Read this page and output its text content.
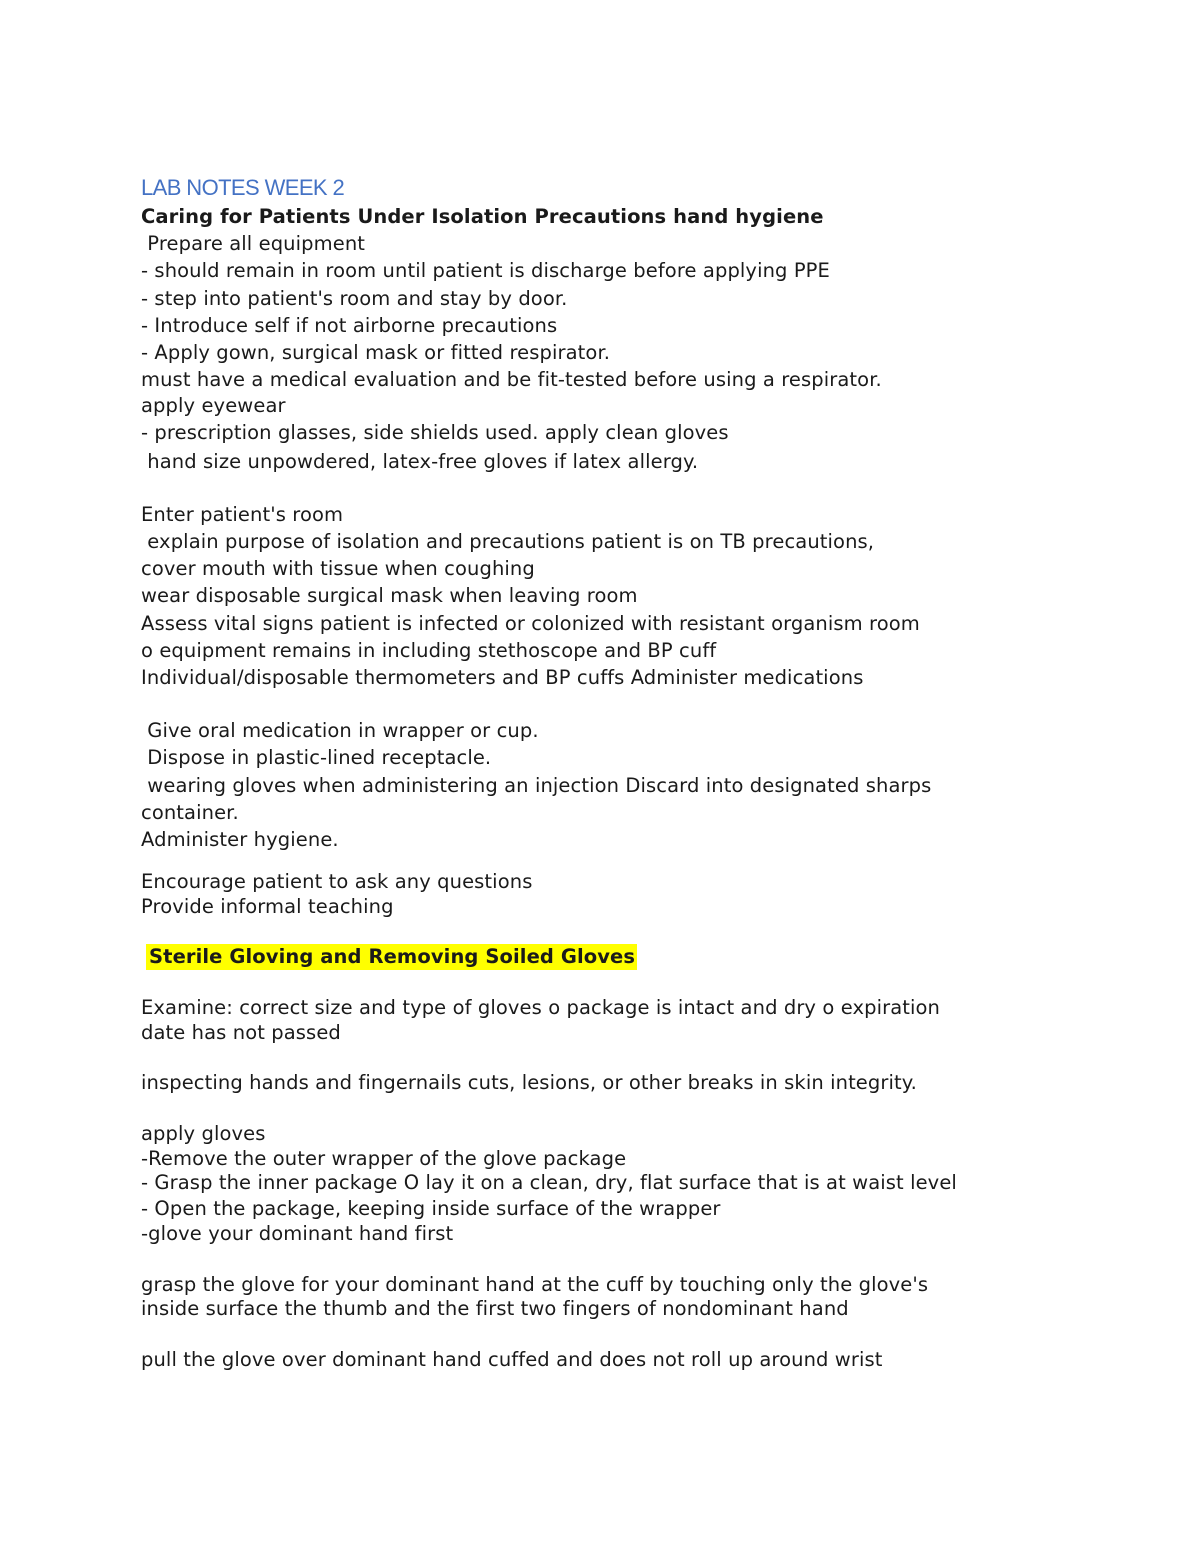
LAB NOTES WEEK 2
Caring for Patients Under Isolation Precautions hand hygiene
Prepare all equipment
- should remain in room until patient is discharge before applying PPE
- step into patient's room and stay by door.
- Introduce self if not airborne precautions
- Apply gown, surgical mask or fitted respirator.
must have a medical evaluation and be fit-tested before using a respirator.
apply eyewear
- prescription glasses, side shields used. apply clean gloves
hand size unpowdered, latex-free gloves if latex allergy.
Enter patient's room
explain purpose of isolation and precautions patient is on TB precautions,
cover mouth with tissue when coughing
wear disposable surgical mask when leaving room
Assess vital signs patient is infected or colonized with resistant organism room
o equipment remains in including stethoscope and BP cuff
Individual/disposable thermometers and BP cuffs Administer medications
Give oral medication in wrapper or cup.
Dispose in plastic-lined receptacle.
wearing gloves when administering an injection Discard into designated sharps
container.
Administer hygiene.
Encourage patient to ask any questions
Provide informal teaching
Sterile Gloving and Removing Soiled Gloves
Examine: correct size and type of gloves o package is intact and dry o expiration
date has not passed
inspecting hands and fingernails cuts, lesions, or other breaks in skin integrity.
apply gloves
-Remove the outer wrapper of the glove package
- Grasp the inner package O lay it on a clean, dry, flat surface that is at waist level
- Open the package, keeping inside surface of the wrapper
-glove your dominant hand first
grasp the glove for your dominant hand at the cuff by touching only the glove's
inside surface the thumb and the first two fingers of nondominant hand
pull the glove over dominant hand cuffed and does not roll up around wrist
